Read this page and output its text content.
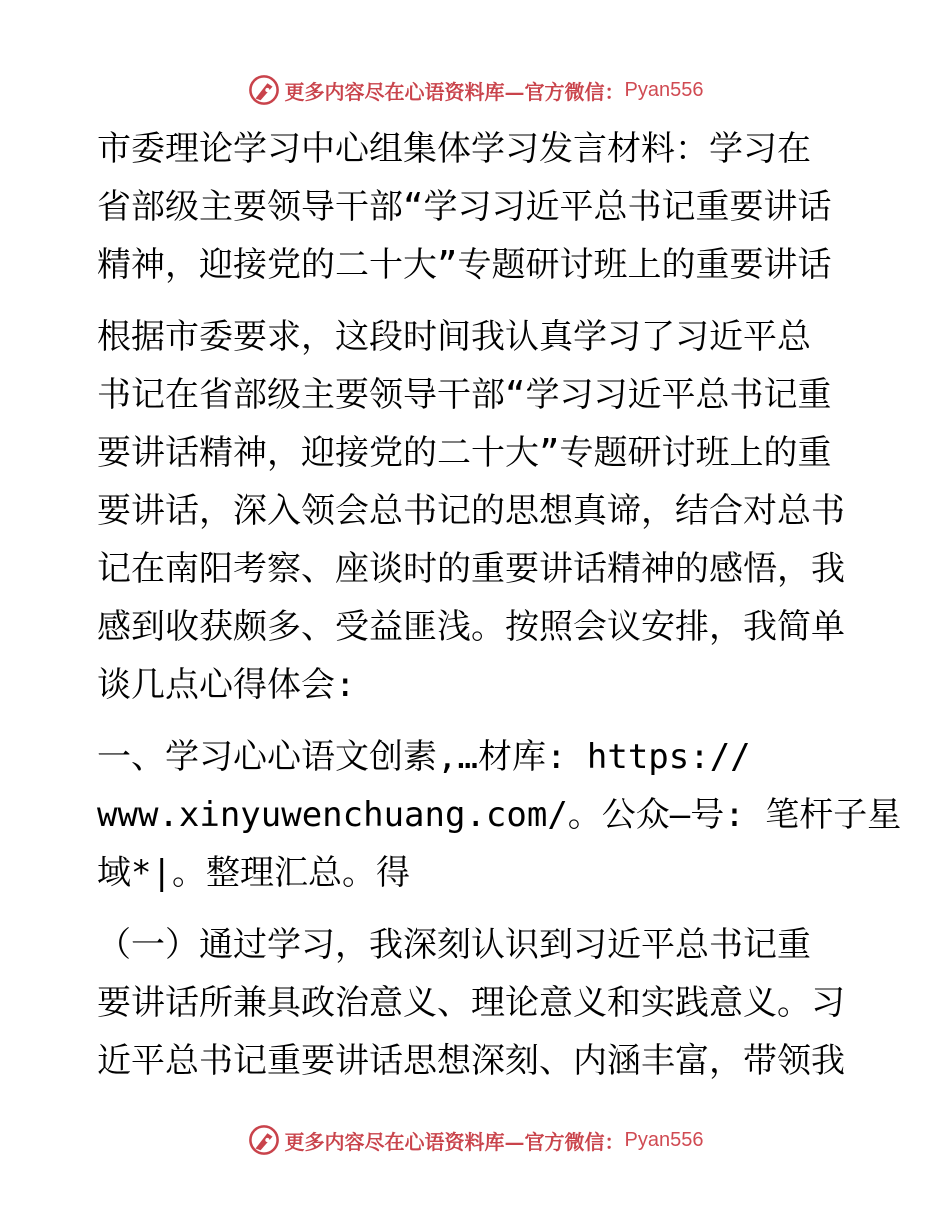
更多内容尽在心语资料库—官方微信： Pyan556
市委理论学习中心组集体学习发言材料：学习在
省部级主要领导干部“学习习近平总书记重要讲话
精神，迎接党的二十大”专题研讨班上的重要讲话
根据市委要求，这段时间我认真学习了习近平总
书记在省部级主要领导干部“学习习近平总书记重
要讲话精神，迎接党的二十大”专题研讨班上的重
要讲话，深入领会总书记的思想真谛，结合对总书
记在南阳考察、座谈时的重要讲话精神的感悟，我
感到收获颇多、受益匪浅。按照会议安排，我简单
谈几点心得体会:
一、学习心心语文创素,…材库: https://
www.xinyuwenchuang.com/。公众—号: 笔杆子星
域*|。整理汇总。得
（一）通过学习，我深刻认识到习近平总书记重
要讲话所兼具政治意义、理论意义和实践意义。习
近平总书记重要讲话思想深刻、内涵丰富，带领我
更多内容尽在心语资料库—官方微信： Pyan556
